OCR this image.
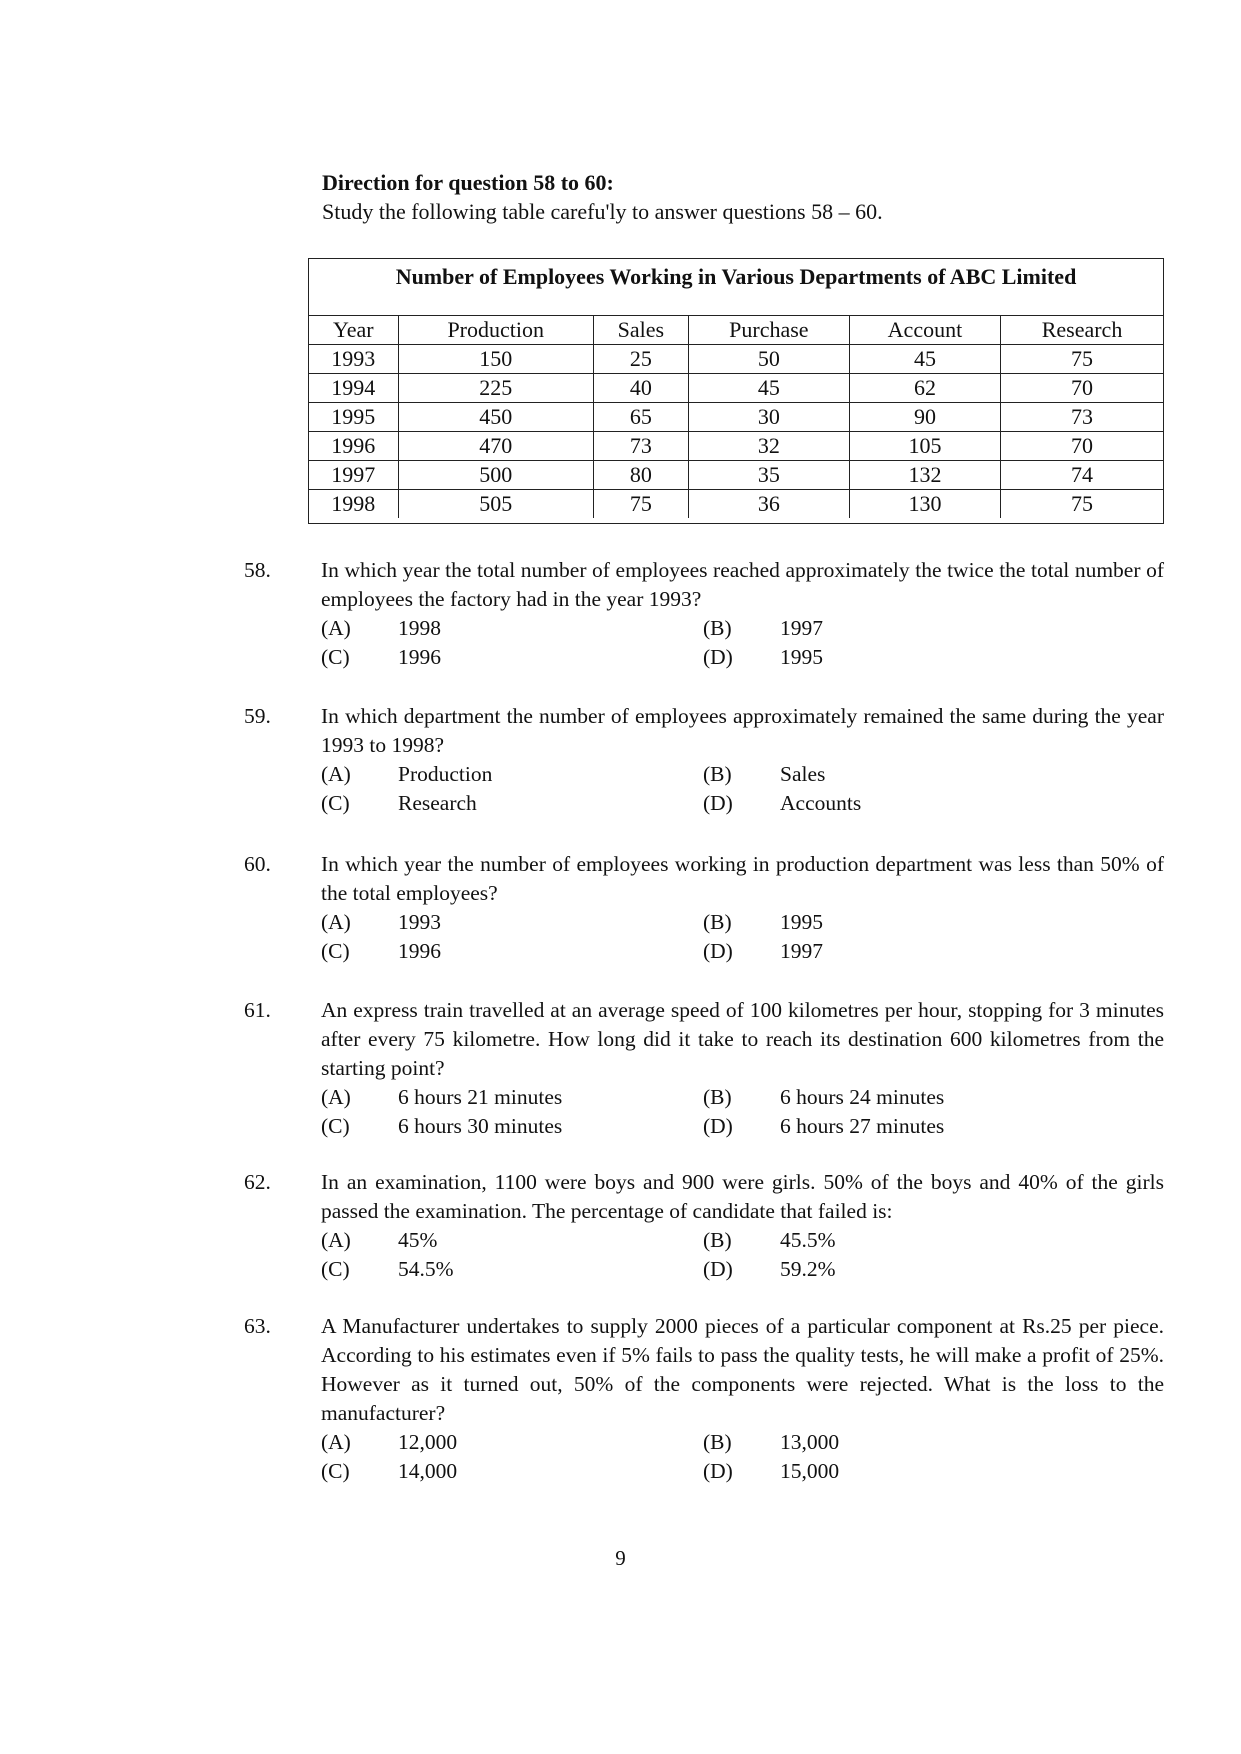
Direction for question 58 to 60:
Study the following table carefu'ly to answer questions 58 – 60.
Number of Employees Working in Various Departments of ABC Limited
Year	Production	Sales	Purchase	Account	Research
1993	150	25	50	45	75
1994	225	40	45	62	70
1995	450	65	30	90	73
1996	470	73	32	105	70
1997	500	80	35	132	74
1998	505	75	36	130	75
58.	In which year the total number of employees reached approximately the twice the total number of employees the factory had in the year 1993?
(A)	1998	(B)	1997
(C)	1996	(D)	1995
59.	In which department the number of employees approximately remained the same during the year 1993 to 1998?
(A)	Production	(B)	Sales
(C)	Research	(D)	Accounts
60.	In which year the number of employees working in production department was less than 50% of the total employees?
(A)	1993	(B)	1995
(C)	1996	(D)	1997
61.	An express train travelled at an average speed of 100 kilometres per hour, stopping for 3 minutes after every 75 kilometre. How long did it take to reach its destination 600 kilometres from the starting point?
(A)	6 hours 21 minutes	(B)	6 hours 24 minutes
(C)	6 hours 30 minutes	(D)	6 hours 27 minutes
62.	In an examination, 1100 were boys and 900 were girls. 50% of the boys and 40% of the girls passed the examination. The percentage of candidate that failed is:
(A)	45%	(B)	45.5%
(C)	54.5%	(D)	59.2%
63.	A Manufacturer undertakes to supply 2000 pieces of a particular component at Rs.25 per piece. According to his estimates even if 5% fails to pass the quality tests, he will make a profit of 25%. However as it turned out, 50% of the components were rejected. What is the loss to the manufacturer?
(A)	12,000	(B)	13,000
(C)	14,000	(D)	15,000
9
